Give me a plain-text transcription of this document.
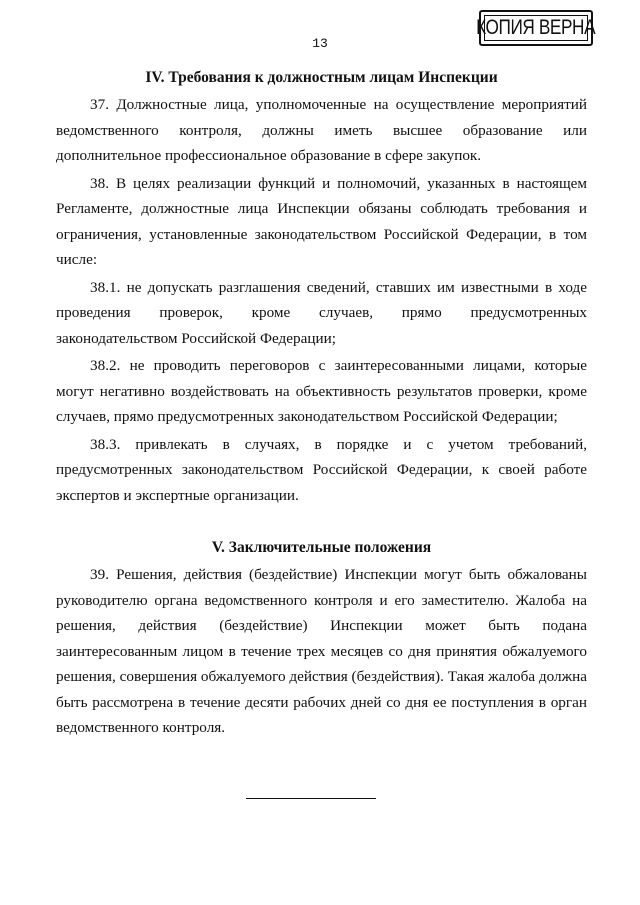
КОПИЯ ВЕРНА
13
IV. Требования к должностным лицам Инспекции

37. Должностные лица, уполномоченные на осуществление мероприятий ведомственного контроля, должны иметь высшее образование или дополнительное профессиональное образование в сфере закупок.

38. В целях реализации функций и полномочий, указанных в настоящем Регламенте, должностные лица Инспекции обязаны соблюдать требования и ограничения, установленные законодательством Российской Федерации, в том числе:

38.1. не допускать разглашения сведений, ставших им известными в ходе проведения проверок, кроме случаев, прямо предусмотренных законодательством Российской Федерации;

38.2. не проводить переговоров с заинтересованными лицами, которые могут негативно воздействовать на объективность результатов проверки, кроме случаев, прямо предусмотренных законодательством Российской Федерации;

38.3. привлекать в случаях, в порядке и с учетом требований, предусмотренных законодательством Российской Федерации, к своей работе экспертов и экспертные организации.

V. Заключительные положения

39. Решения, действия (бездействие) Инспекции могут быть обжалованы руководителю органа ведомственного контроля и его заместителю. Жалоба на решения, действия (бездействие) Инспекции может быть подана заинтересованным лицом в течение трех месяцев со дня принятия обжалуемого решения, совершения обжалуемого действия (бездействия). Такая жалоба должна быть рассмотрена в течение десяти рабочих дней со дня ее поступления в орган ведомственного контроля.
